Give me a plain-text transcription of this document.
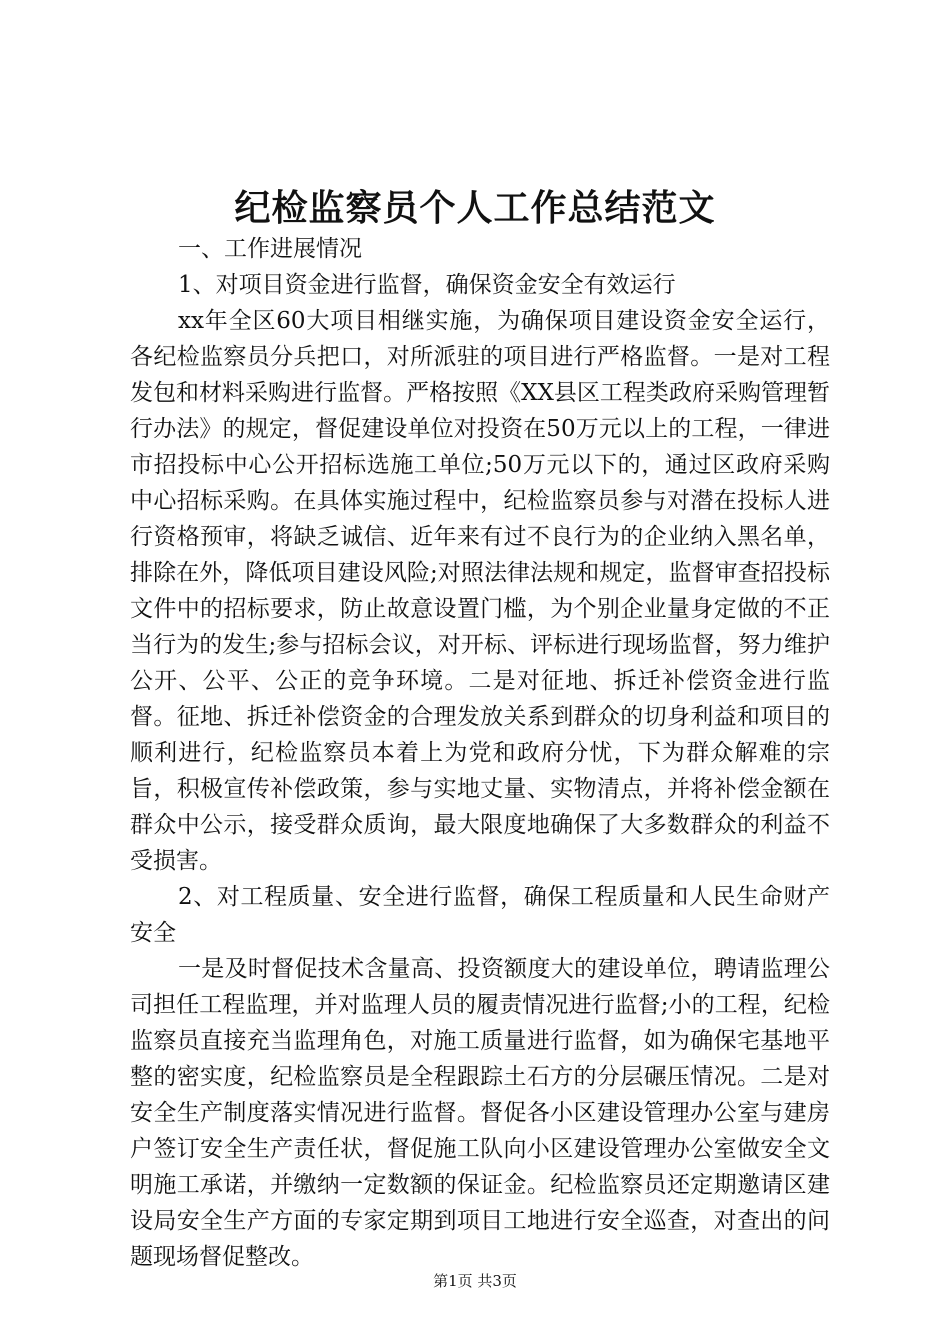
纪检监察员个人工作总结范文

一、工作进展情况

1、对项目资金进行监督，确保资金安全有效运行

xx年全区60大项目相继实施，为确保项目建设资金安全运行，各纪检监察员分兵把口，对所派驻的项目进行严格监督。一是对工程发包和材料采购进行监督。严格按照《XX县区工程类政府采购管理暂行办法》的规定，督促建设单位对投资在50万元以上的工程，一律进市招投标中心公开招标选施工单位;50万元以下的，通过区政府采购中心招标采购。在具体实施过程中，纪检监察员参与对潜在投标人进行资格预审，将缺乏诚信、近年来有过不良行为的企业纳入黑名单，排除在外，降低项目建设风险;对照法律法规和规定，监督审查招投标文件中的招标要求，防止故意设置门槛，为个别企业量身定做的不正当行为的发生;参与招标会议，对开标、评标进行现场监督，努力维护公开、公平、公正的竞争环境。二是对征地、拆迁补偿资金进行监督。征地、拆迁补偿资金的合理发放关系到群众的切身利益和项目的顺利进行，纪检监察员本着上为党和政府分忧，下为群众解难的宗旨，积极宣传补偿政策，参与实地丈量、实物清点，并将补偿金额在群众中公示，接受群众质询，最大限度地确保了大多数群众的利益不受损害。

2、对工程质量、安全进行监督，确保工程质量和人民生命财产安全

一是及时督促技术含量高、投资额度大的建设单位，聘请监理公司担任工程监理，并对监理人员的履责情况进行监督;小的工程，纪检监察员直接充当监理角色，对施工质量进行监督，如为确保宅基地平整的密实度，纪检监察员是全程跟踪土石方的分层碾压情况。二是对安全生产制度落实情况进行监督。督促各小区建设管理办公室与建房户签订安全生产责任状，督促施工队向小区建设管理办公室做安全文明施工承诺，并缴纳一定数额的保证金。纪检监察员还定期邀请区建设局安全生产方面的专家定期到项目工地进行安全巡查，对查出的问题现场督促整改。

第1页 共3页
